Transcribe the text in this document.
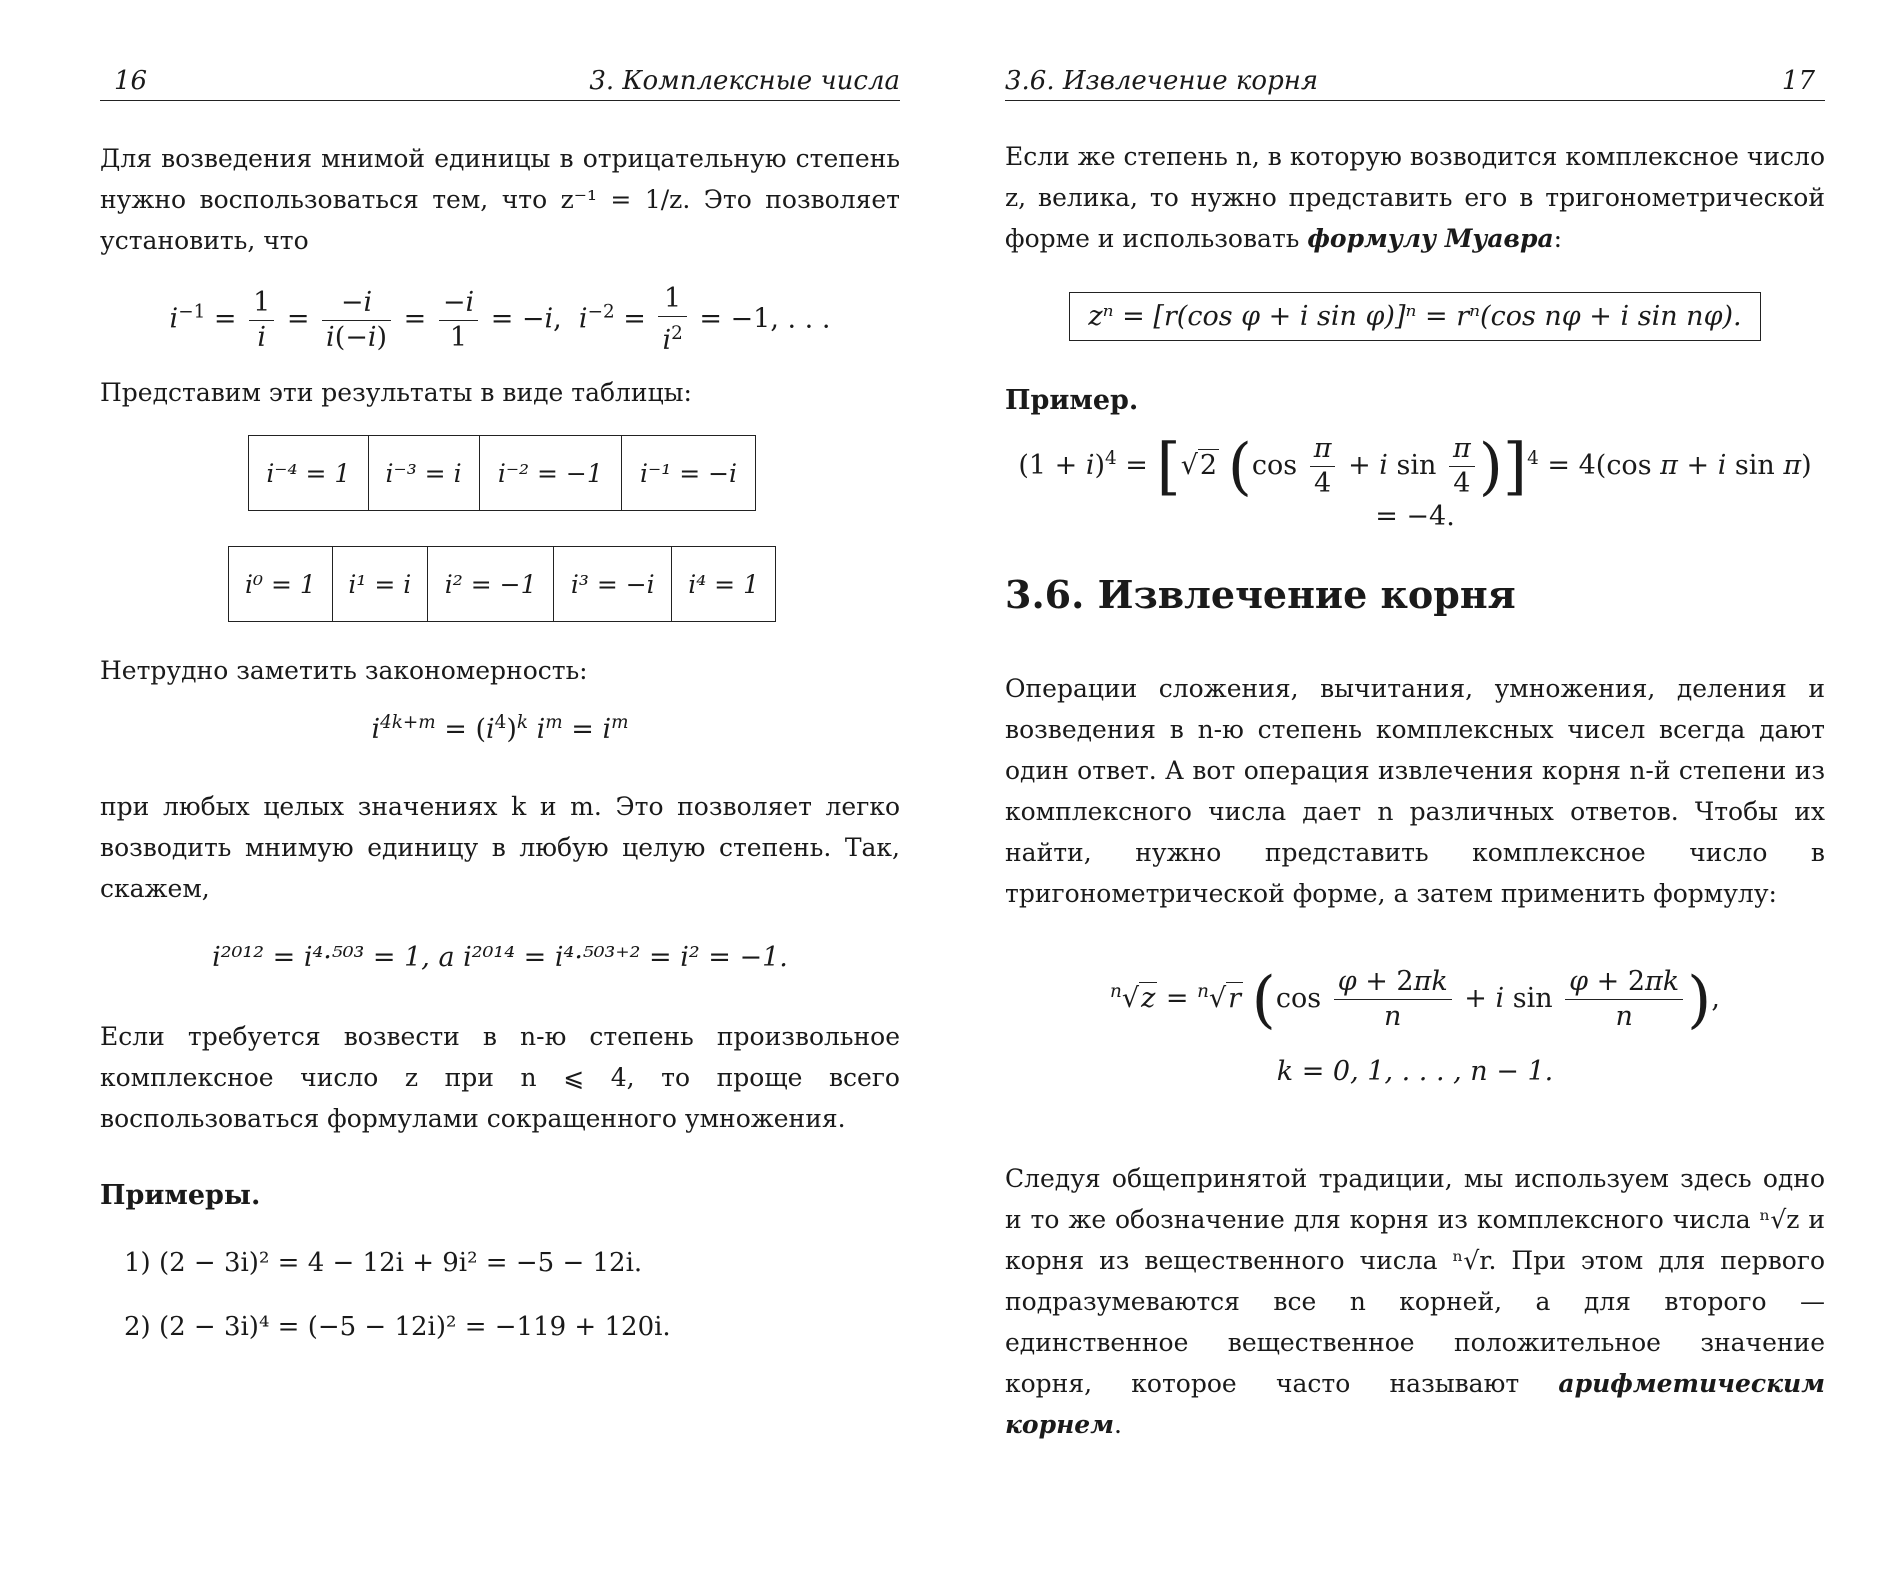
16	3. Комплексные числа

Для возведения мнимой единицы в отрицательную степень нужно воспользоваться тем, что z⁻¹ = 1/z. Это позволяет установить, что

$i^{-1} = \frac{1}{i} = \frac{-i}{i(-i)} = \frac{-i}{1} = -i$,  $i^{-2} = \frac{1}{i^2} = -1$, . . .

Представим эти результаты в виде таблицы:

i⁻⁴ = 1	i⁻³ = i	i⁻² = −1	i⁻¹ = −i
i⁰ = 1	i¹ = i	i² = −1	i³ = −i	i⁴ = 1

Нетрудно заметить закономерность:

$i^{4k+m} = (i^4)^k$ $i^m = i^m$

при любых целых значениях k и m. Это позволяет легко возводить мнимую единицу в любую целую степень. Так, скажем,

i²⁰¹² = i⁴·⁵⁰³ = 1, а i²⁰¹⁴ = i⁴·⁵⁰³⁺² = i² = −1.

Если требуется возвести в n-ю степень произвольное комплексное число z при n ⩽ 4, то проще всего воспользоваться формулами сокращенного умножения.

Примеры.
1) (2 − 3i)² = 4 − 12i + 9i² = −5 − 12i.
2) (2 − 3i)⁴ = (−5 − 12i)² = −119 + 120i.
3.6. Извлечение корня	17

Если же степень n, в которую возводится комплексное число z, велика, то нужно представить его в тригонометрической форме и использовать формулу Муавра:

zⁿ = [r(cos φ + i sin φ)]ⁿ = rⁿ(cos nφ + i sin nφ).
Пример.
$(1 + i)^4 = [√2$ ($\cos \frac{\pi}{4} + i$ $\sin \frac{\pi}{4} )]^4 = 4(\cos$ π + i sin π) = −4.
3.6. Извлечение корня

Операции сложения, вычитания, умножения, деления и возведения в n-ю степень комплексных чисел всегда дают один ответ. А вот операция извлечения корня n-й степени из комплексного числа дает n различных ответов. Чтобы их найти, нужно представить комплексное число в тригонометрической форме, а затем применить формулу:

$^n$√z = $^n$√r ($\cos \frac{\varphi + 2\pi k}{n} + i$ $\sin \frac{\varphi + 2\pi k}{n}$ ),
k = 0, 1, . . . , n − 1.

Следуя общепринятой традиции, мы используем здесь одно и то же обозначение для корня из комплексного числа ⁿ√z и корня из вещественного числа ⁿ√r. При этом для первого подразумеваются все n корней, а для второго — единственное вещественное положительное значение корня, которое часто называют арифметическим корнем.
